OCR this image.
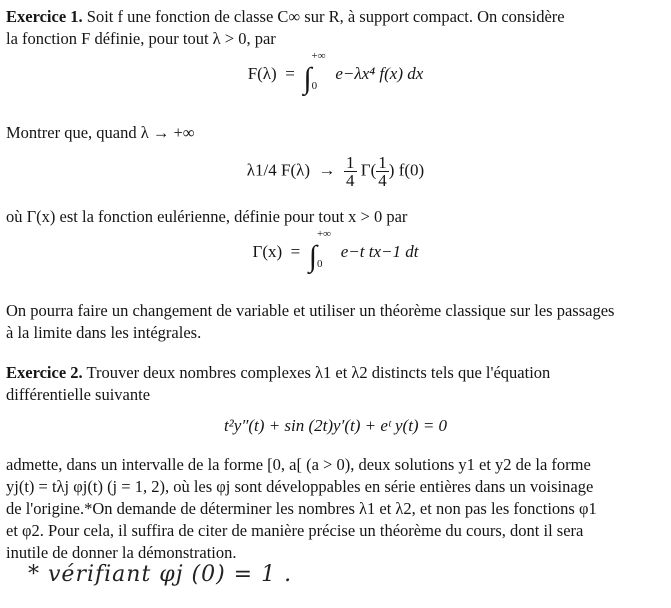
Exercice 1. Soit f une fonction de classe C∞ sur R, à support compact. On considère

la fonction F définie, pour tout λ > 0, par

$F(\lambda) = \int^{+\infty}_0$ e−λx⁴ f(x) dx

Montrer que, quand λ → +∞

λ1/4 $F(\lambda) \to \frac{1}{4} \Gamma( \frac{1}{4}$ ) f(0)

où Γ(x) est la fonction eulérienne, définie pour tout x > 0 par

$\Gamma(x) = \int^{+\infty}_0$ e−t tx−1 dt

On pourra faire un changement de variable et utiliser un théorème classique sur les passages

à la limite dans les intégrales.

Exercice 2. Trouver deux nombres complexes λ1 et λ2 distincts tels que l'équation

différentielle suivante

t²y″(t) + sin (2t)y′(t) + eᵗ y(t) = 0

admette, dans un intervalle de la forme [0, a[ (a > 0), deux solutions y1 et y2 de la forme

yj(t) = tλj φj(t) (j = 1, 2), où les φj sont développables en série entières dans un voisinage

de l'origine.*On demande de déterminer les nombres λ1 et λ2, et non pas les fonctions φ1

et φ2. Pour cela, il suffira de citer de manière précise un théorème du cours, dont il sera

inutile de donner la démonstration.

* vérifiant φj (0) = 1 .
